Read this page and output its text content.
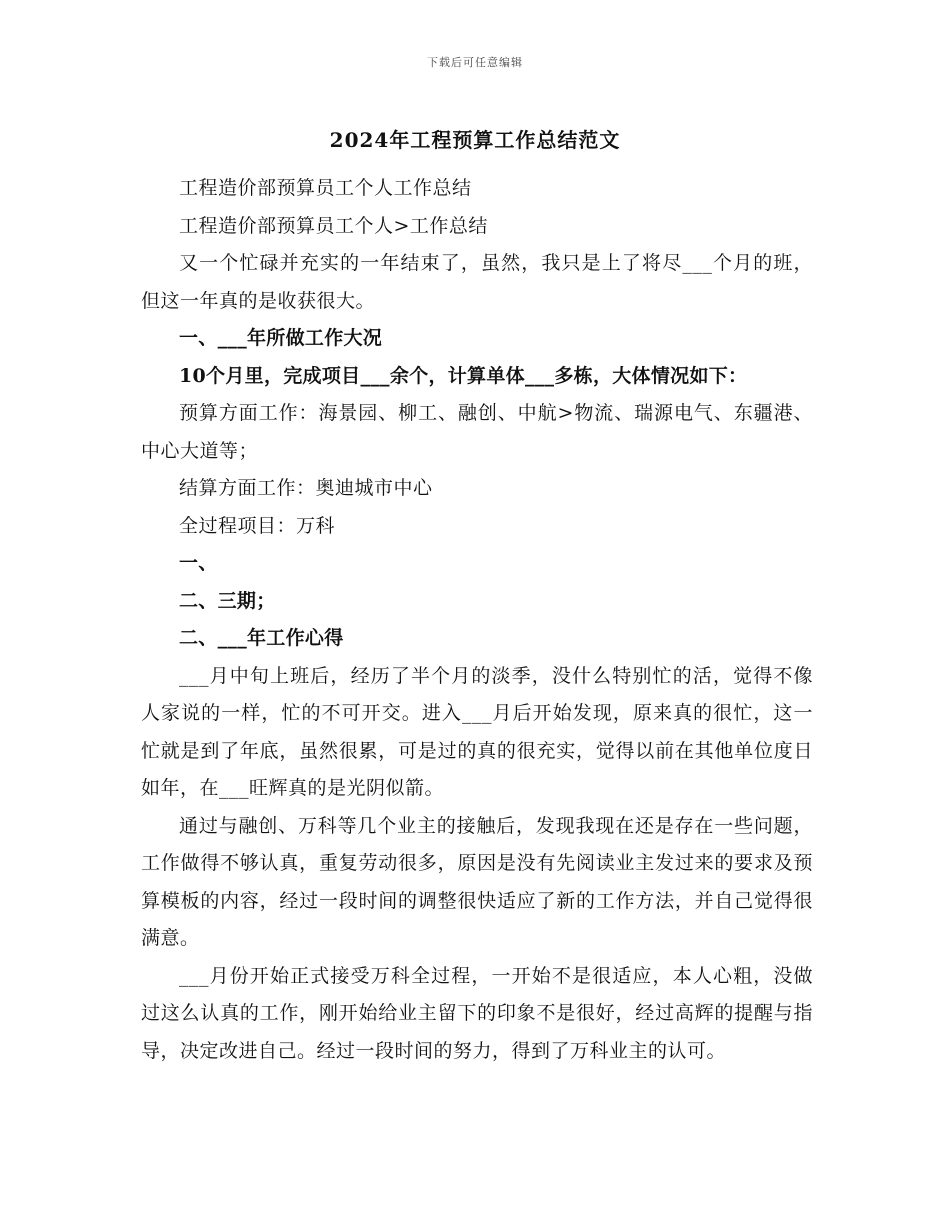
下载后可任意编辑
2024年工程预算工作总结范文

工程造价部预算员工个人工作总结

工程造价部预算员工个人>工作总结

又一个忙碌并充实的一年结束了，虽然，我只是上了将尽___个月的班，但这一年真的是收获很大。

一、___年所做工作大况

10个月里，完成项目___余个，计算单体___多栋，大体情况如下：

预算方面工作：海景园、柳工、融创、中航>物流、瑞源电气、东疆港、中心大道等；

结算方面工作：奥迪城市中心

全过程项目：万科

一、

二、三期；

二、___年工作心得

___月中旬上班后，经历了半个月的淡季，没什么特别忙的活，觉得不像人家说的一样，忙的不可开交。进入___月后开始发现，原来真的很忙，这一忙就是到了年底，虽然很累，可是过的真的很充实，觉得以前在其他单位度日如年，在___旺辉真的是光阴似箭。

通过与融创、万科等几个业主的接触后，发现我现在还是存在一些问题，工作做得不够认真，重复劳动很多，原因是没有先阅读业主发过来的要求及预算模板的内容，经过一段时间的调整很快适应了新的工作方法，并自己觉得很满意。

___月份开始正式接受万科全过程，一开始不是很适应，本人心粗，没做过这么认真的工作，刚开始给业主留下的印象不是很好，经过高辉的提醒与指导，决定改进自己。经过一段时间的努力，得到了万科业主的认可。
